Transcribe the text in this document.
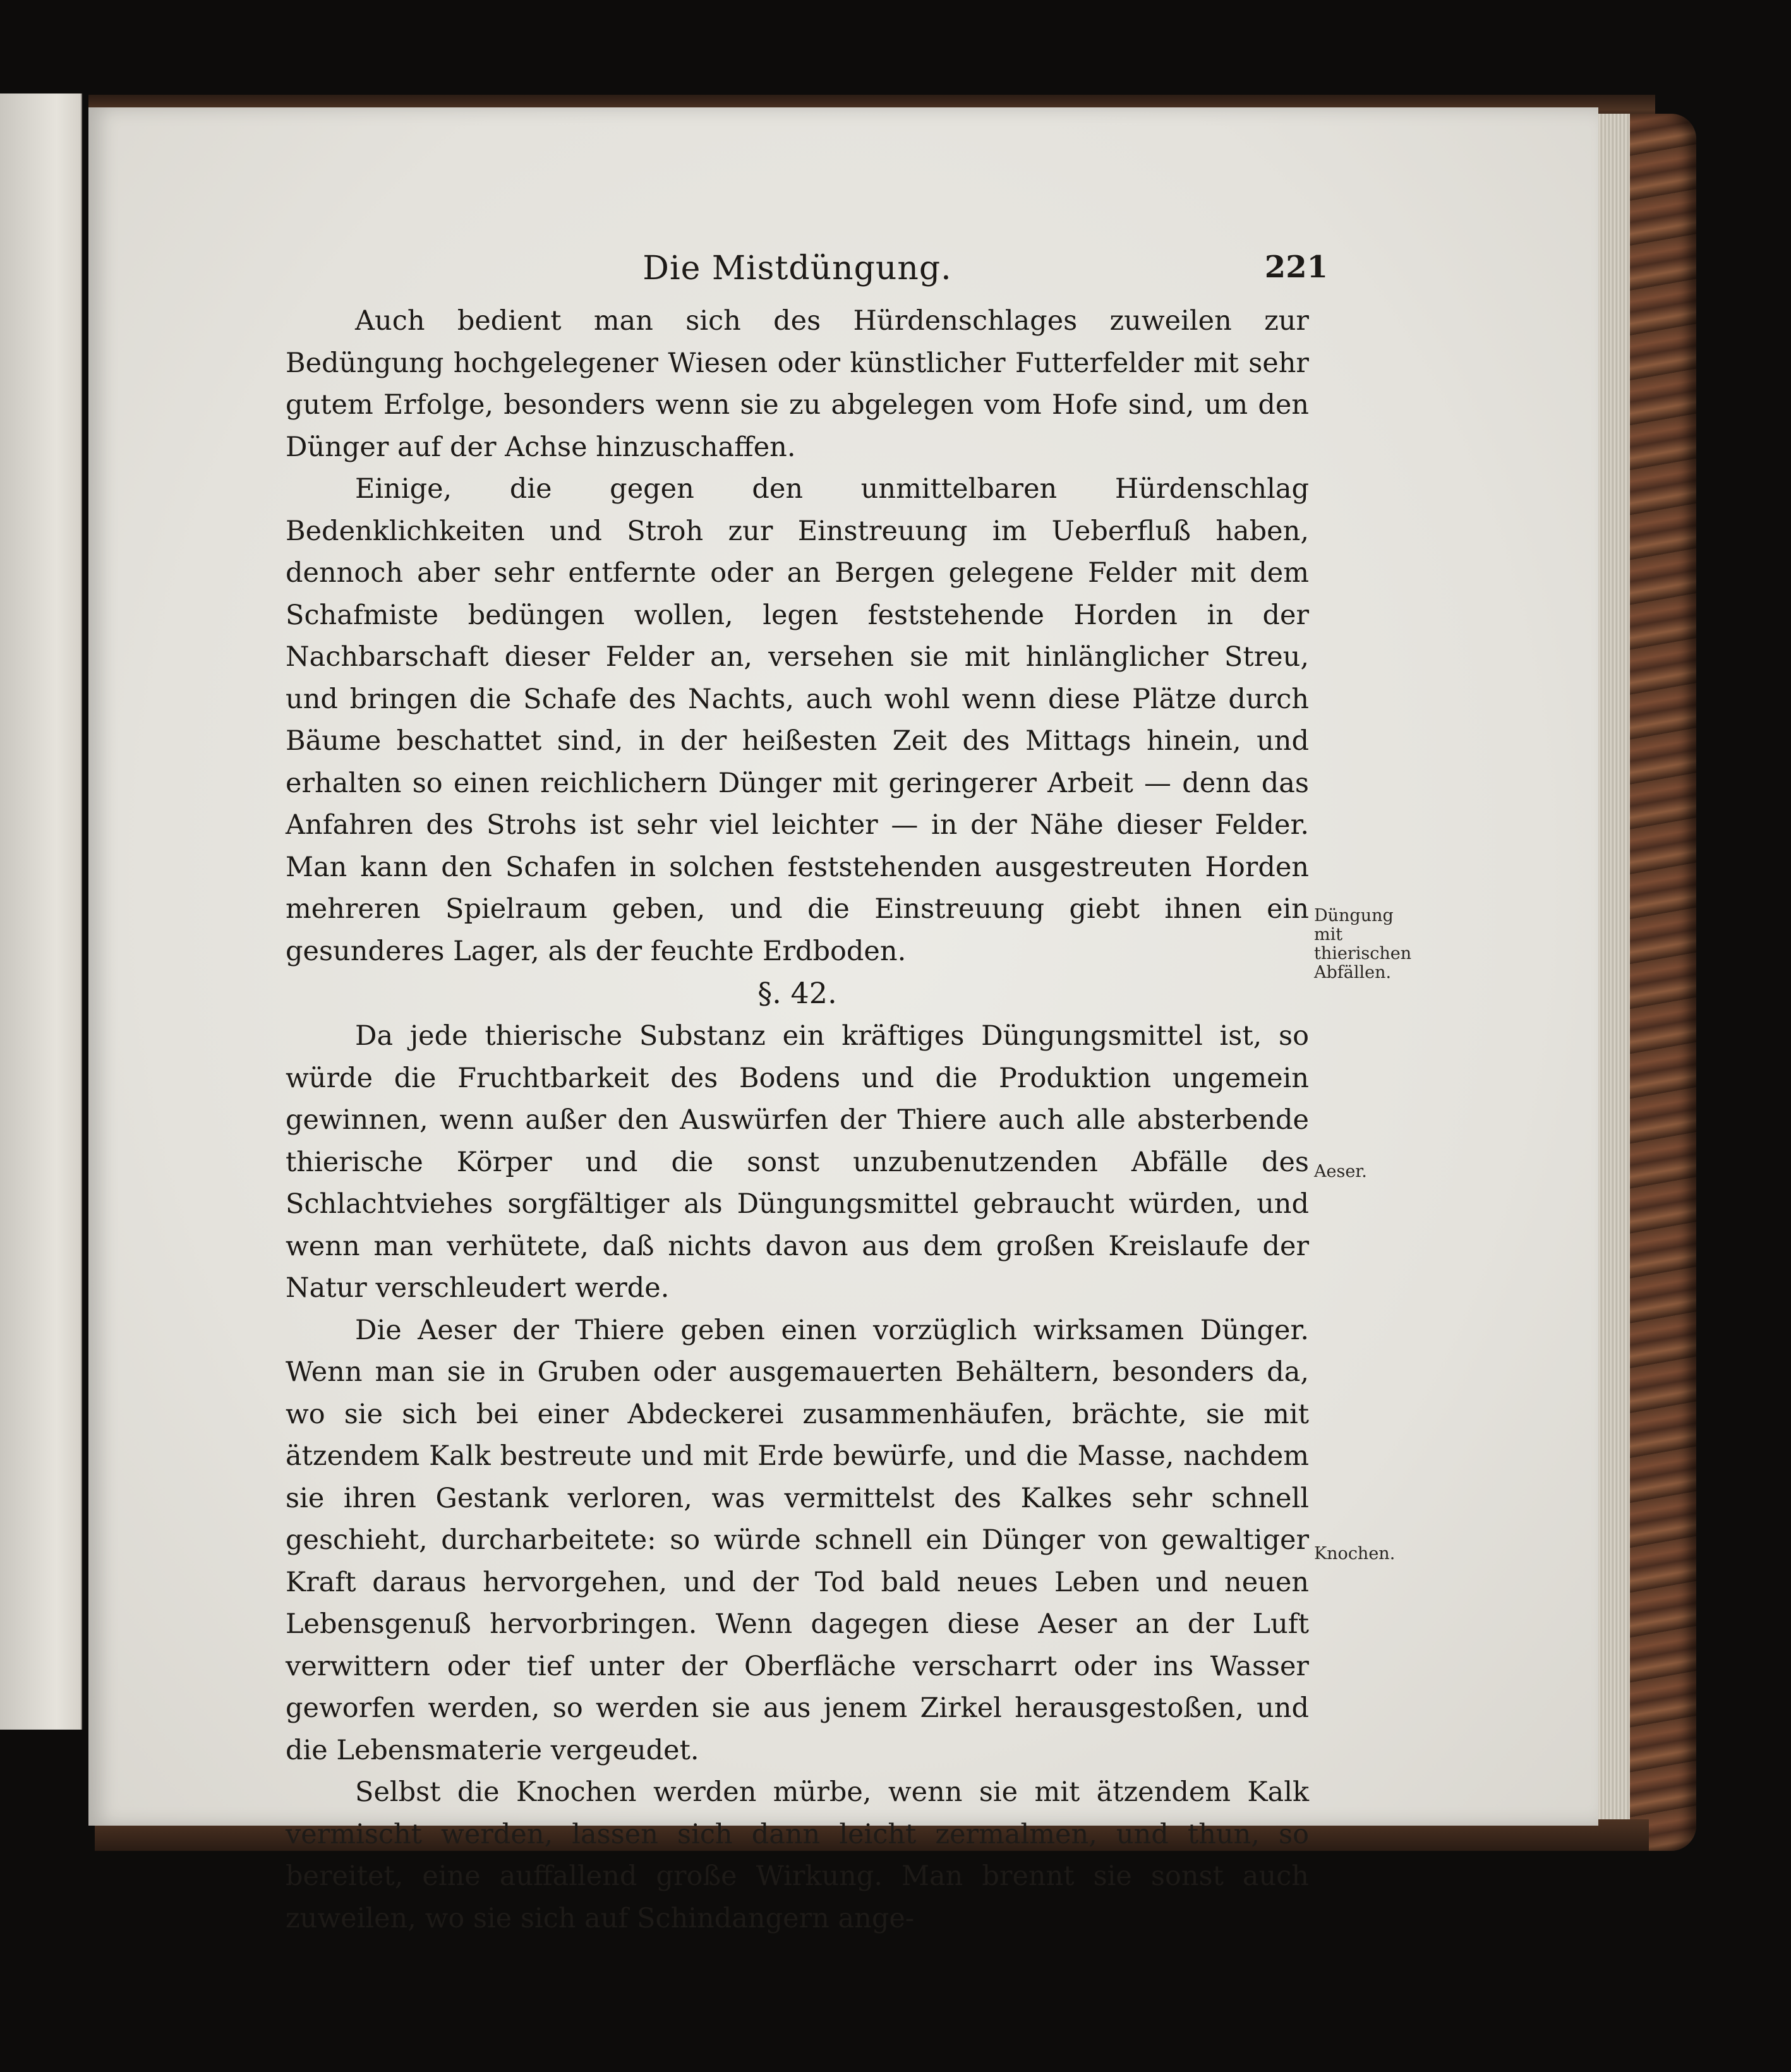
Die Mistdüngung.	221

Auch bedient man sich des Hürdenschlages zuweilen zur Bedüngung hochgelegener Wiesen oder künstlicher Futterfelder mit sehr gutem Erfolge, besonders wenn sie zu abgelegen vom Hofe sind, um den Dünger auf der Achse hinzuschaffen.

Einige, die gegen den unmittelbaren Hürdenschlag Bedenklichkeiten und Stroh zur Einstreuung im Ueberfluß haben, dennoch aber sehr entfernte oder an Bergen gelegene Felder mit dem Schafmiste bedüngen wollen, legen feststehende Horden in der Nachbarschaft dieser Felder an, versehen sie mit hinlänglicher Streu, und bringen die Schafe des Nachts, auch wohl wenn diese Plätze durch Bäume beschattet sind, in der heißesten Zeit des Mittags hinein, und erhalten so einen reichlichern Dünger mit geringerer Arbeit — denn das Anfahren des Strohs ist sehr viel leichter — in der Nähe dieser Felder. Man kann den Schafen in solchen feststehenden ausgestreuten Horden mehreren Spielraum geben, und die Einstreuung giebt ihnen ein gesunderes Lager, als der feuchte Erdboden.

§. 42.

Da jede thierische Substanz ein kräftiges Düngungsmittel ist, so würde die Fruchtbarkeit des Bodens und die Produktion ungemein gewinnen, wenn außer den Auswürfen der Thiere auch alle absterbende thierische Körper und die sonst unzubenutzenden Abfälle des Schlachtviehes sorgfältiger als Düngungsmittel gebraucht würden, und wenn man verhütete, daß nichts davon aus dem großen Kreislaufe der Natur verschleudert werde.

Die Aeser der Thiere geben einen vorzüglich wirksamen Dünger. Wenn man sie in Gruben oder ausgemauerten Behältern, besonders da, wo sie sich bei einer Abdeckerei zusammenhäufen, brächte, sie mit ätzendem Kalk bestreute und mit Erde bewürfe, und die Masse, nachdem sie ihren Gestank verloren, was vermittelst des Kalkes sehr schnell geschieht, durcharbeitete: so würde schnell ein Dünger von gewaltiger Kraft daraus hervorgehen, und der Tod bald neues Leben und neuen Lebensgenuß hervorbringen. Wenn dagegen diese Aeser an der Luft verwittern oder tief unter der Oberfläche verscharrt oder ins Wasser geworfen werden, so werden sie aus jenem Zirkel herausgestoßen, und die Lebensmaterie vergeudet.

Selbst die Knochen werden mürbe, wenn sie mit ätzendem Kalk vermischt werden, lassen sich dann leicht zermalmen, und thun, so bereitet, eine auffallend große Wirkung. Man brennt sie sonst auch zuweilen, wo sie sich auf Schindangern ange-

Düngung mit thierischen Abfällen.
Aeser.
Knochen.
